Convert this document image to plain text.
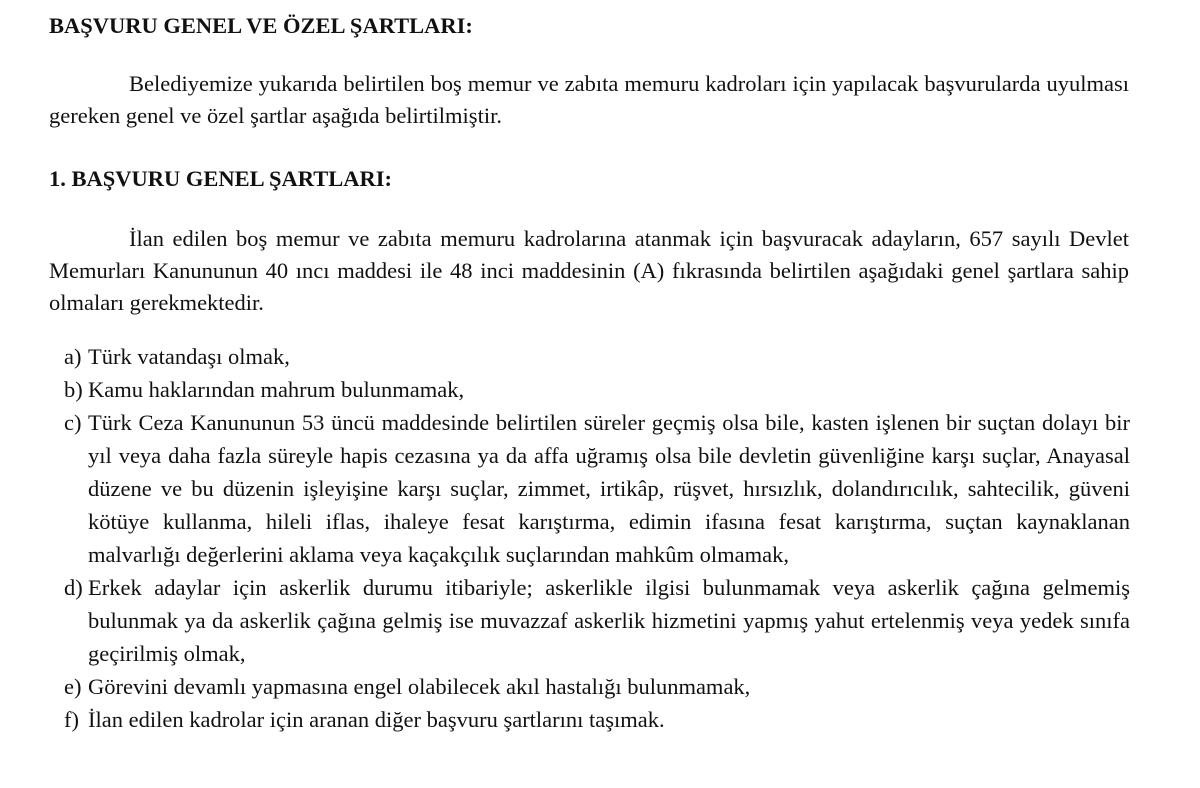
BAŞVURU GENEL VE ÖZEL ŞARTLARI:
Belediyemize yukarıda belirtilen boş memur ve zabıta memuru kadroları için yapılacak başvurularda uyulması gereken genel ve özel şartlar aşağıda belirtilmiştir.
1. BAŞVURU GENEL ŞARTLARI:
İlan edilen boş memur ve zabıta memuru kadrolarına atanmak için başvuracak adayların, 657 sayılı Devlet Memurları Kanununun 40 ıncı maddesi ile 48 inci maddesinin (A) fıkrasında belirtilen aşağıdaki genel şartlara sahip olmaları gerekmektedir.
a) Türk vatandaşı olmak,
b) Kamu haklarından mahrum bulunmamak,
c) Türk Ceza Kanununun 53 üncü maddesinde belirtilen süreler geçmiş olsa bile, kasten işlenen bir suçtan dolayı bir yıl veya daha fazla süreyle hapis cezasına ya da affa uğramış olsa bile devletin güvenliğine karşı suçlar, Anayasal düzene ve bu düzenin işleyişine karşı suçlar, zimmet, irtikâp, rüşvet, hırsızlık, dolandırıcılık, sahtecilik, güveni kötüye kullanma, hileli iflas, ihaleye fesat karıştırma, edimin ifasına fesat karıştırma, suçtan kaynaklanan malvarlığı değerlerini aklama veya kaçakçılık suçlarından mahkûm olmamak,
d) Erkek adaylar için askerlik durumu itibariyle; askerlikle ilgisi bulunmamak veya askerlik çağına gelmemiş bulunmak ya da askerlik çağına gelmiş ise muvazzaf askerlik hizmetini yapmış yahut ertelenmiş veya yedek sınıfa geçirilmiş olmak,
e) Görevini devamlı yapmasına engel olabilecek akıl hastalığı bulunmamak,
f) İlan edilen kadrolar için aranan diğer başvuru şartlarını taşımak.
